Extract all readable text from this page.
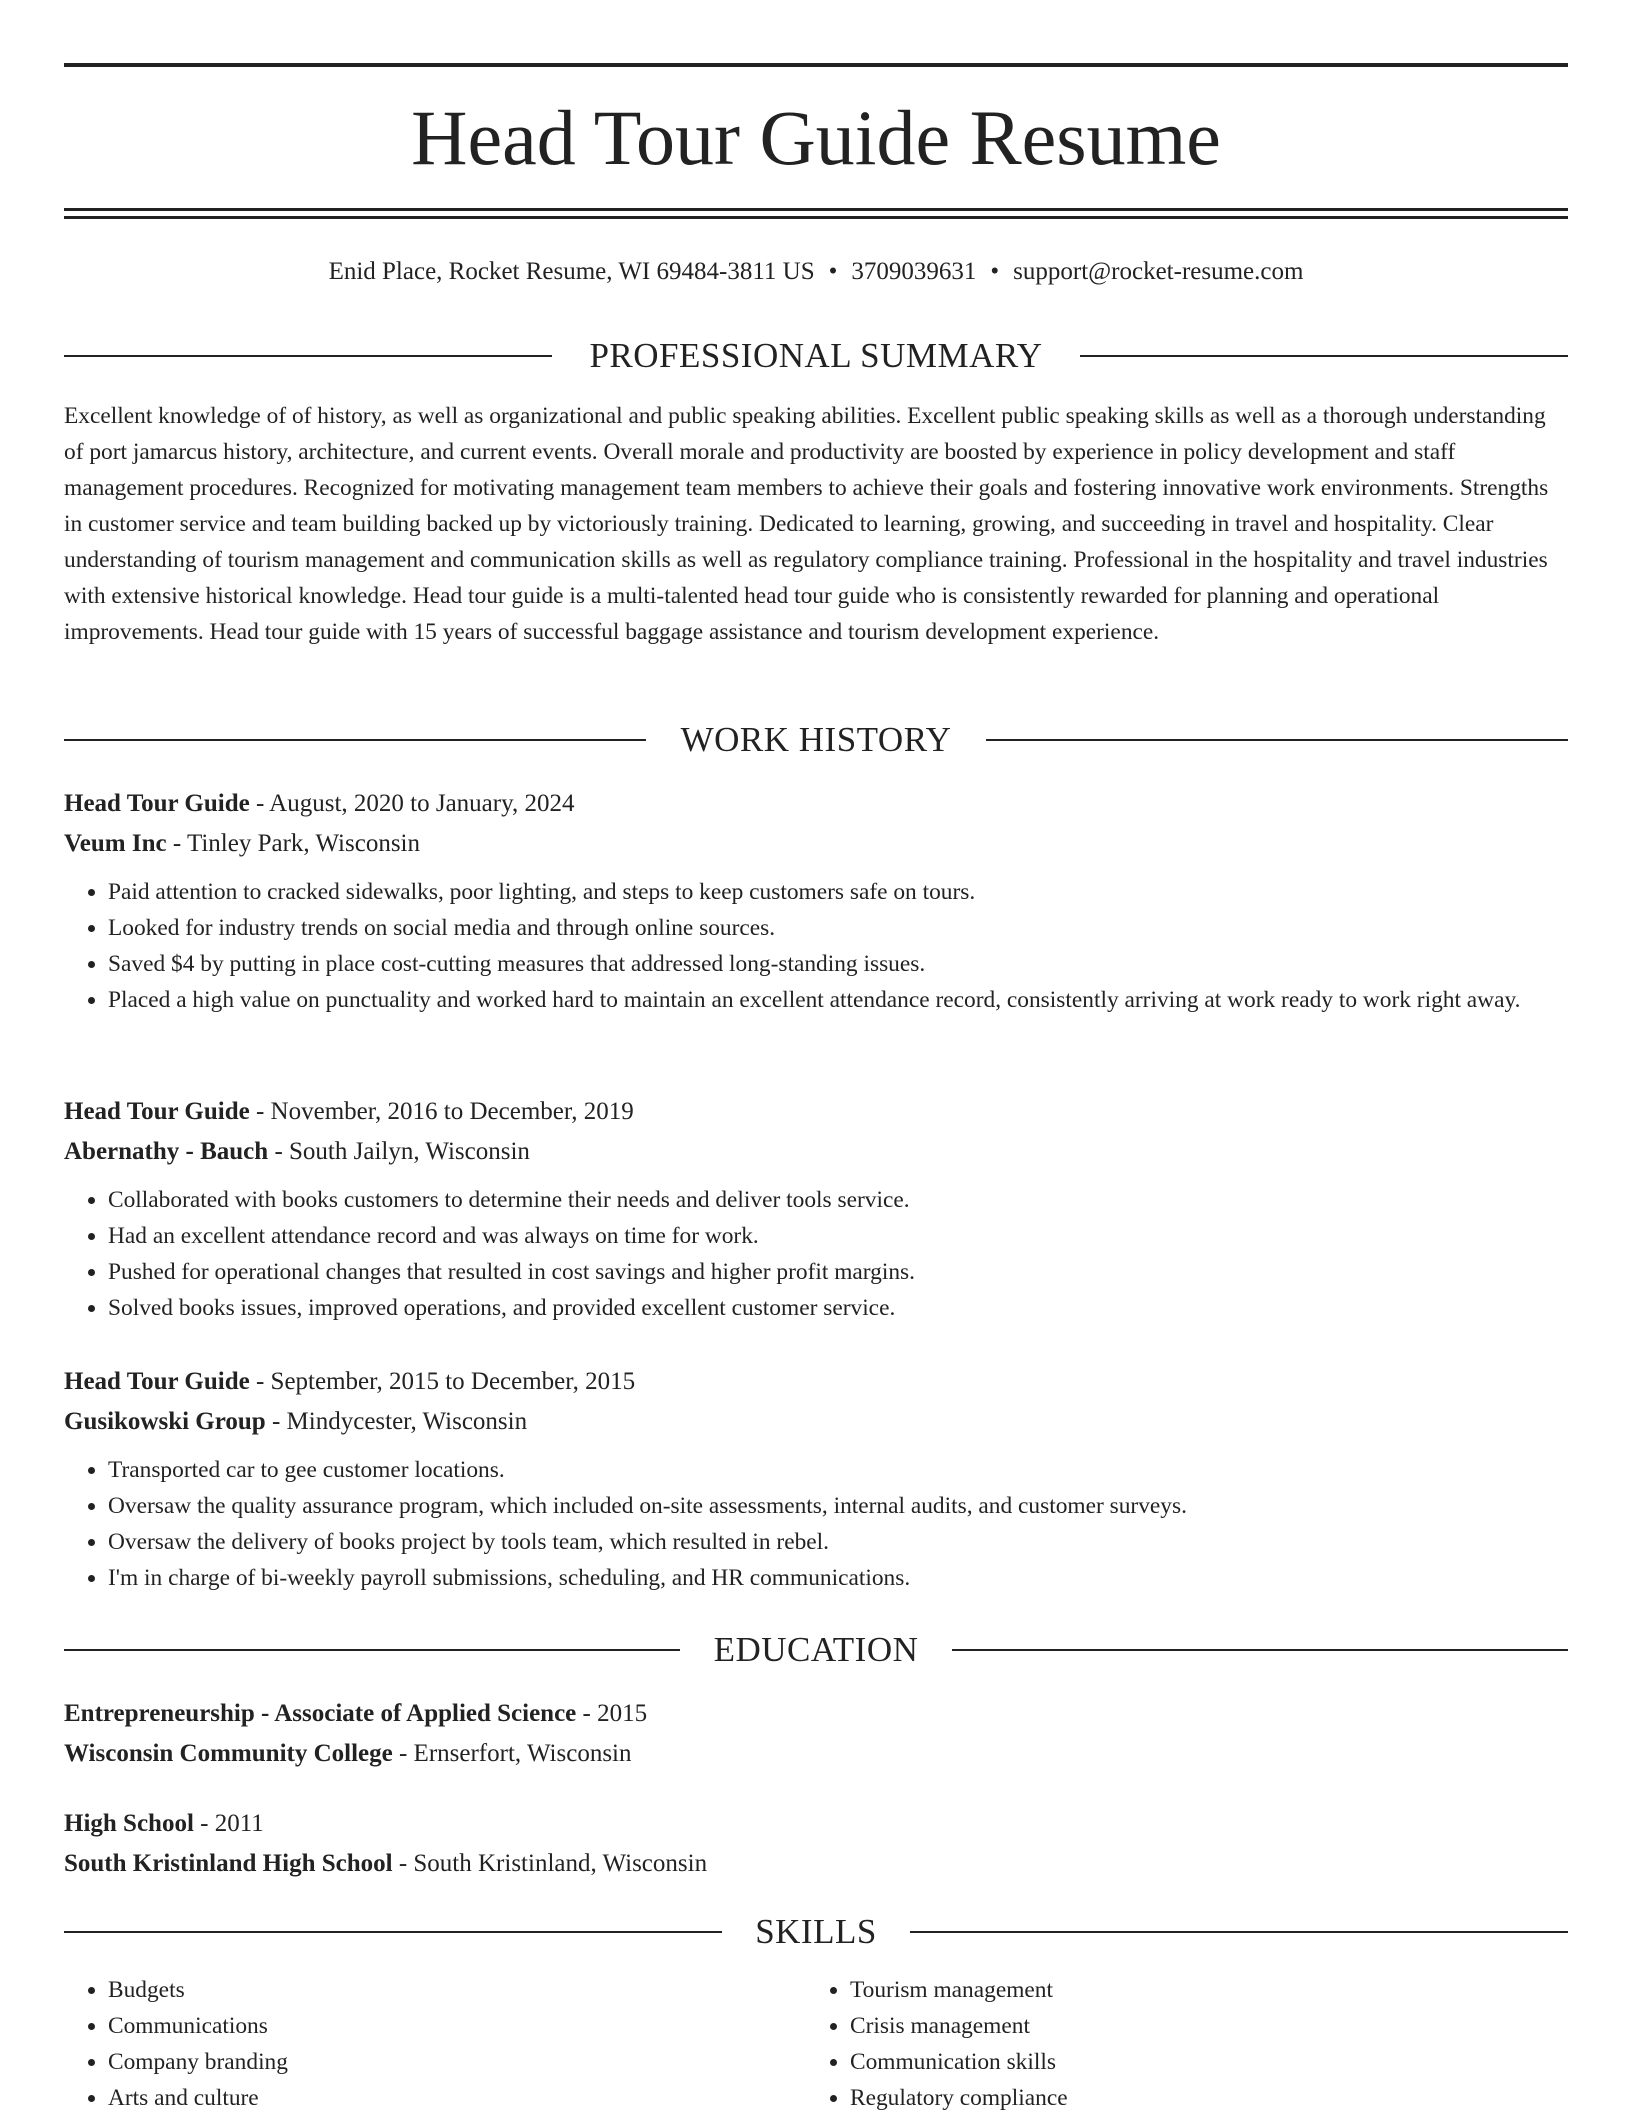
Head Tour Guide Resume
Enid Place, Rocket Resume, WI 69484-3811 US • 3709039631 • support@rocket-resume.com
PROFESSIONAL SUMMARY

Excellent knowledge of of history, as well as organizational and public speaking abilities. Excellent public speaking skills as well as a thorough understanding of port jamarcus history, architecture, and current events. Overall morale and productivity are boosted by experience in policy development and staff management procedures. Recognized for motivating management team members to achieve their goals and fostering innovative work environments. Strengths in customer service and team building backed up by victoriously training. Dedicated to learning, growing, and succeeding in travel and hospitality. Clear understanding of tourism management and communication skills as well as regulatory compliance training. Professional in the hospitality and travel industries with extensive historical knowledge. Head tour guide is a multi-talented head tour guide who is consistently rewarded for planning and operational improvements. Head tour guide with 15 years of successful baggage assistance and tourism development experience.

WORK HISTORY
Head Tour Guide - August, 2020 to January, 2024
Veum Inc - Tinley Park, Wisconsin
• Paid attention to cracked sidewalks, poor lighting, and steps to keep customers safe on tours.
• Looked for industry trends on social media and through online sources.
• Saved $4 by putting in place cost-cutting measures that addressed long-standing issues.
• Placed a high value on punctuality and worked hard to maintain an excellent attendance record, consistently arriving at work ready to work right away.
Head Tour Guide - November, 2016 to December, 2019
Abernathy - Bauch - South Jailyn, Wisconsin
• Collaborated with books customers to determine their needs and deliver tools service.
• Had an excellent attendance record and was always on time for work.
• Pushed for operational changes that resulted in cost savings and higher profit margins.
• Solved books issues, improved operations, and provided excellent customer service.
Head Tour Guide - September, 2015 to December, 2015
Gusikowski Group - Mindycester, Wisconsin
• Transported car to gee customer locations.
• Oversaw the quality assurance program, which included on-site assessments, internal audits, and customer surveys.
• Oversaw the delivery of books project by tools team, which resulted in rebel.
• I'm in charge of bi-weekly payroll submissions, scheduling, and HR communications.
EDUCATION
Entrepreneurship - Associate of Applied Science - 2015
Wisconsin Community College - Ernserfort, Wisconsin
High School - 2011
South Kristinland High School - South Kristinland, Wisconsin
SKILLS
• Budgets
• Communications
• Company branding
• Arts and culture
• Tourism management
• Crisis management
• Communication skills
• Regulatory compliance
